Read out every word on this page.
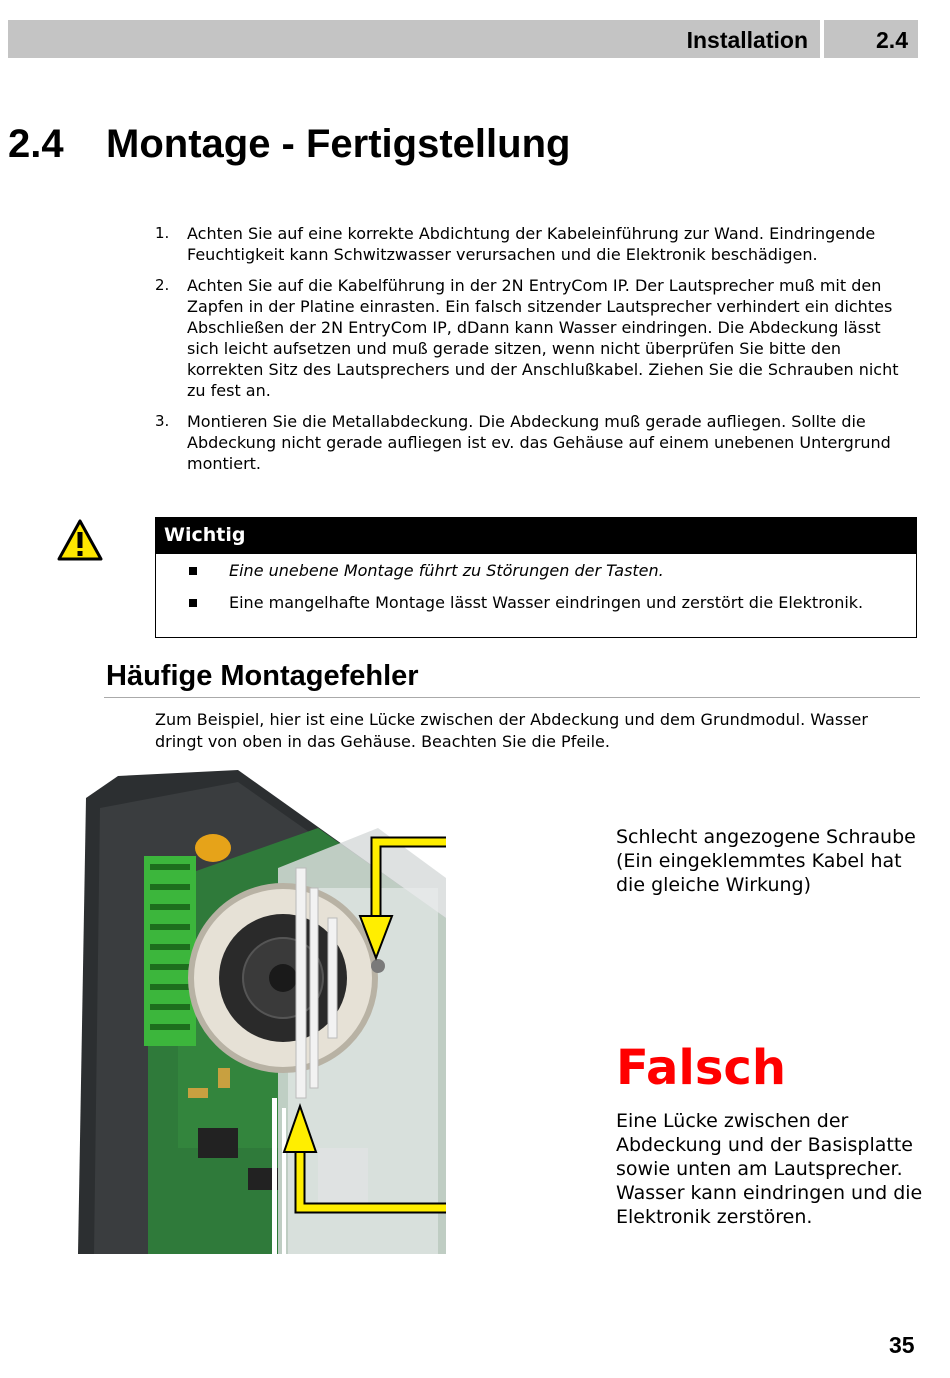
Installation	2.4
2.4 Montage - Fertigstellung
1. Achten Sie auf eine korrekte Abdichtung der Kabeleinführung zur Wand. Eindringende Feuchtigkeit kann Schwitzwasser verursachen und die Elektronik beschädigen.
2. Achten Sie auf die Kabelführung in der 2N EntryCom IP. Der Lautsprecher muß mit den Zapfen in der Platine einrasten. Ein falsch sitzender Lautsprecher verhindert ein dichtes Abschließen der 2N EntryCom IP, dDann kann Wasser eindringen. Die Abdeckung lässt sich leicht aufsetzen und muß gerade sitzen, wenn nicht überprüfen Sie bitte den korrekten Sitz des Lautsprechers und der Anschlußkabel. Ziehen Sie die Schrauben nicht zu fest an.
3. Montieren Sie die Metallabdeckung. Die Abdeckung muß gerade aufliegen. Sollte die Abdeckung nicht gerade aufliegen ist ev. das Gehäuse auf einem unebenen Untergrund montiert.
Wichtig
Eine unebene Montage führt zu Störungen der Tasten.
Eine mangelhafte Montage lässt Wasser eindringen und zerstört die Elektronik.
Häufige Montagefehler

Zum Beispiel, hier ist eine Lücke zwischen der Abdeckung und dem Grundmodul. Wasser dringt von oben in das Gehäuse. Beachten Sie die Pfeile.

Schlecht angezogene Schraube (Ein eingeklemmtes Kabel hat die gleiche Wirkung)

Falsch

Eine Lücke zwischen der Abdeckung und der Basisplatte sowie unten am Lautsprecher. Wasser kann eindringen und die Elektronik zerstören.

35
